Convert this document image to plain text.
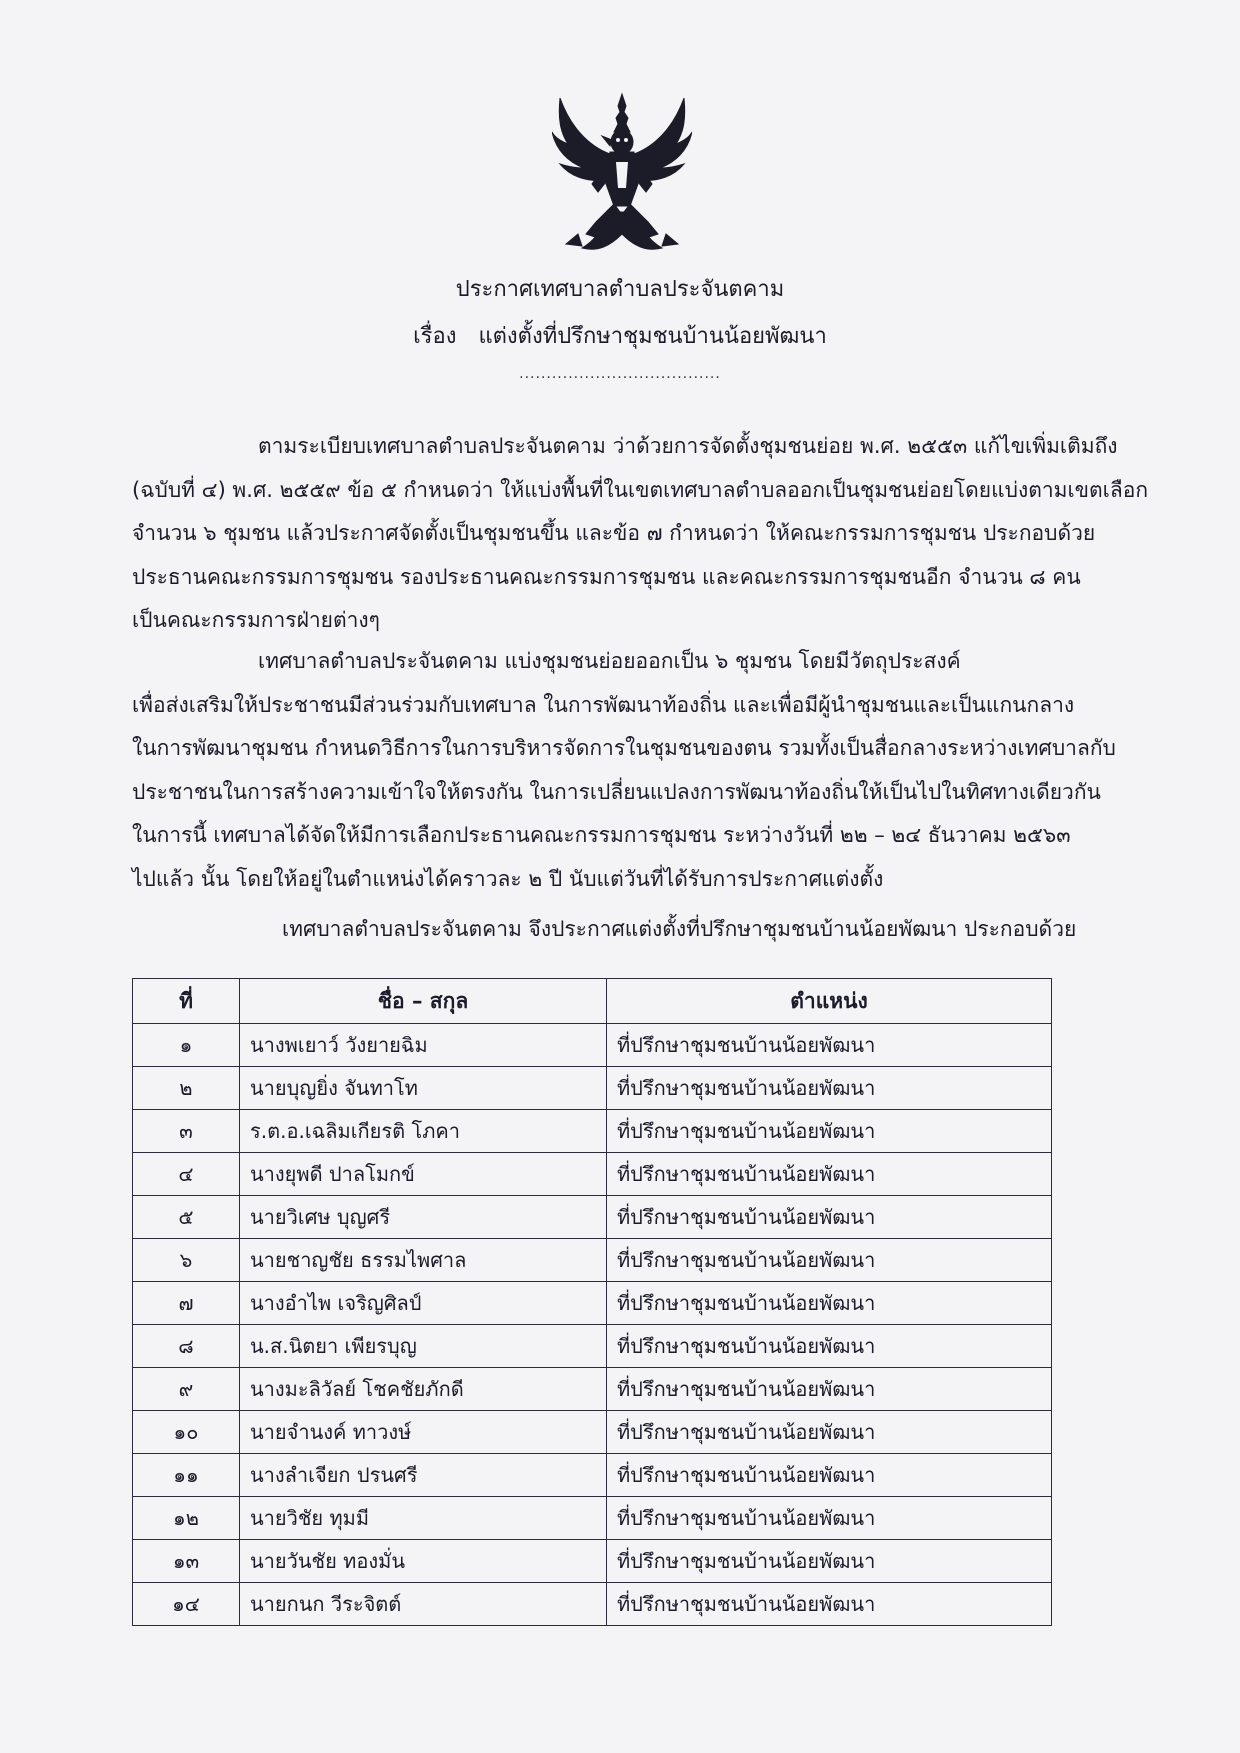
ประกาศเทศบาลตำบลประจันตคาม
เรื่อง แต่งตั้งที่ปรึกษาชุมชนบ้านน้อยพัฒนา
.....................................
ตามระเบียบเทศบาลตำบลประจันตคาม ว่าด้วยการจัดตั้งชุมชนย่อย พ.ศ. ๒๕๕๓ แก้ไขเพิ่มเติมถึง
(ฉบับที่ ๔) พ.ศ. ๒๕๕๙ ข้อ ๕ กำหนดว่า ให้แบ่งพื้นที่ในเขตเทศบาลตำบลออกเป็นชุมชนย่อยโดยแบ่งตามเขตเลือก
จำนวน ๖ ชุมชน แล้วประกาศจัดตั้งเป็นชุมชนขึ้น และข้อ ๗ กำหนดว่า ให้คณะกรรมการชุมชน ประกอบด้วย
ประธานคณะกรรมการชุมชน รองประธานคณะกรรมการชุมชน และคณะกรรมการชุมชนอีก จำนวน ๘ คน
เป็นคณะกรรมการฝ่ายต่างๆ
เทศบาลตำบลประจันตคาม แบ่งชุมชนย่อยออกเป็น ๖ ชุมชน โดยมีวัตถุประสงค์
เพื่อส่งเสริมให้ประชาชนมีส่วนร่วมกับเทศบาล ในการพัฒนาท้องถิ่น และเพื่อมีผู้นำชุมชนและเป็นแกนกลาง
ในการพัฒนาชุมชน กำหนดวิธีการในการบริหารจัดการในชุมชนของตน รวมทั้งเป็นสื่อกลางระหว่างเทศบาลกับ
ประชาชนในการสร้างความเข้าใจให้ตรงกัน ในการเปลี่ยนแปลงการพัฒนาท้องถิ่นให้เป็นไปในทิศทางเดียวกัน
ในการนี้ เทศบาลได้จัดให้มีการเลือกประธานคณะกรรมการชุมชน ระหว่างวันที่ ๒๒ – ๒๔ ธันวาคม ๒๕๖๓
ไปแล้ว นั้น โดยให้อยู่ในตำแหน่งได้คราวละ ๒ ปี นับแต่วันที่ได้รับการประกาศแต่งตั้ง
เทศบาลตำบลประจันตคาม จึงประกาศแต่งตั้งที่ปรึกษาชุมชนบ้านน้อยพัฒนา ประกอบด้วย
ที่	ชื่อ – สกุล	ตำแหน่ง
๑	นางพเยาว์ วังยายฉิม	ที่ปรึกษาชุมชนบ้านน้อยพัฒนา
๒	นายบุญยิ่ง จันทาโท	ที่ปรึกษาชุมชนบ้านน้อยพัฒนา
๓	ร.ต.อ.เฉลิมเกียรติ โภคา	ที่ปรึกษาชุมชนบ้านน้อยพัฒนา
๔	นางยุพดี ปาลโมกข์	ที่ปรึกษาชุมชนบ้านน้อยพัฒนา
๕	นายวิเศษ บุญศรี	ที่ปรึกษาชุมชนบ้านน้อยพัฒนา
๖	นายชาญชัย ธรรมไพศาล	ที่ปรึกษาชุมชนบ้านน้อยพัฒนา
๗	นางอำไพ เจริญศิลป์	ที่ปรึกษาชุมชนบ้านน้อยพัฒนา
๘	น.ส.นิตยา เพียรบุญ	ที่ปรึกษาชุมชนบ้านน้อยพัฒนา
๙	นางมะลิวัลย์ โชคชัยภักดี	ที่ปรึกษาชุมชนบ้านน้อยพัฒนา
๑๐	นายจำนงค์ ทาวงษ์	ที่ปรึกษาชุมชนบ้านน้อยพัฒนา
๑๑	นางลำเจียก ปรนศรี	ที่ปรึกษาชุมชนบ้านน้อยพัฒนา
๑๒	นายวิชัย ทุมมี	ที่ปรึกษาชุมชนบ้านน้อยพัฒนา
๑๓	นายวันชัย ทองมั่น	ที่ปรึกษาชุมชนบ้านน้อยพัฒนา
๑๔	นายกนก วีระจิตต์	ที่ปรึกษาชุมชนบ้านน้อยพัฒนา
